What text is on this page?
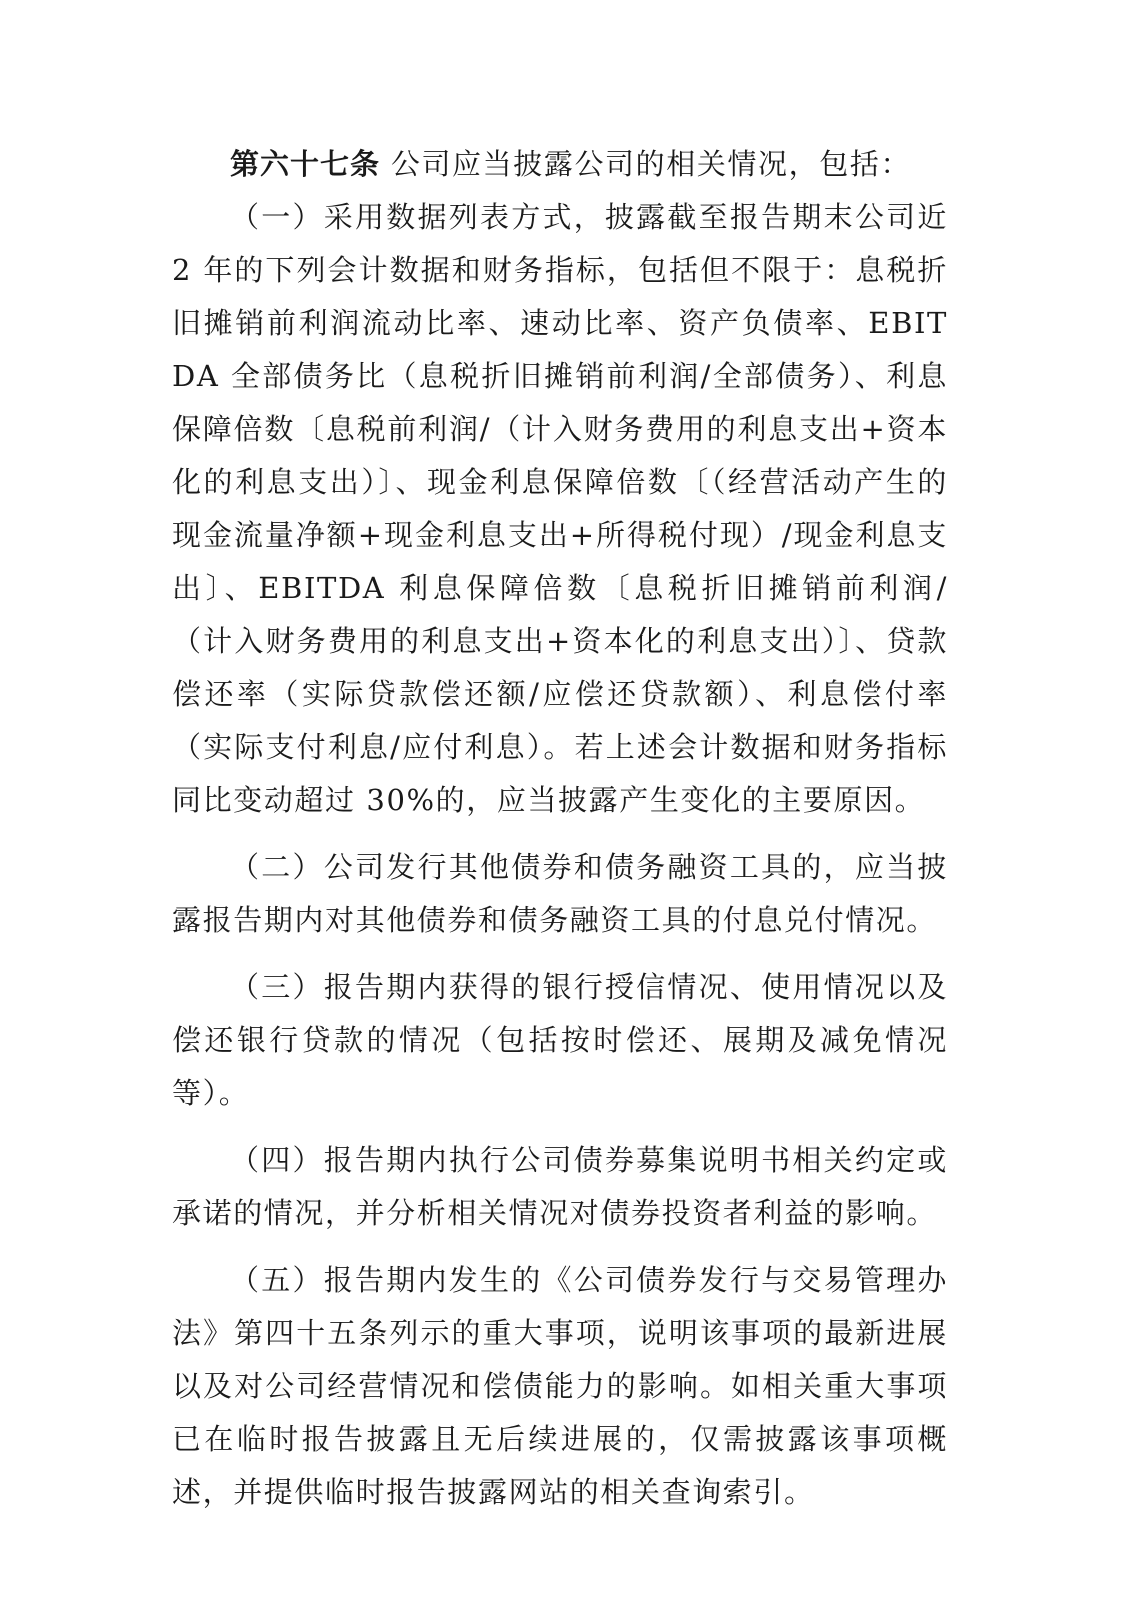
第六十七条 公司应当披露公司的相关情况，包括：

（一）采用数据列表方式，披露截至报告期末公司近 2 年的下列会计数据和财务指标，包括但不限于：息税折旧摊销前利润流动比率、速动比率、资产负债率、EBITDA 全部债务比（息税折旧摊销前利润/全部债务）、利息保障倍数〔息税前利润/（计入财务费用的利息支出+资本化的利息支出）〕、现金利息保障倍数〔（经营活动产生的现金流量净额+现金利息支出+所得税付现）/现金利息支出〕、EBITDA 利息保障倍数〔息税折旧摊销前利润/（计入财务费用的利息支出+资本化的利息支出）〕、贷款偿还率（实际贷款偿还额/应偿还贷款额）、利息偿付率（实际支付利息/应付利息）。若上述会计数据和财务指标同比变动超过 30%的，应当披露产生变化的主要原因。

（二）公司发行其他债券和债务融资工具的，应当披露报告期内对其他债券和债务融资工具的付息兑付情况。

（三）报告期内获得的银行授信情况、使用情况以及偿还银行贷款的情况（包括按时偿还、展期及减免情况等）。

（四）报告期内执行公司债券募集说明书相关约定或承诺的情况，并分析相关情况对债券投资者利益的影响。

（五）报告期内发生的《公司债券发行与交易管理办法》第四十五条列示的重大事项，说明该事项的最新进展以及对公司经营情况和偿债能力的影响。如相关重大事项已在临时报告披露且无后续进展的，仅需披露该事项概述，并提供临时报告披露网站的相关查询索引。
